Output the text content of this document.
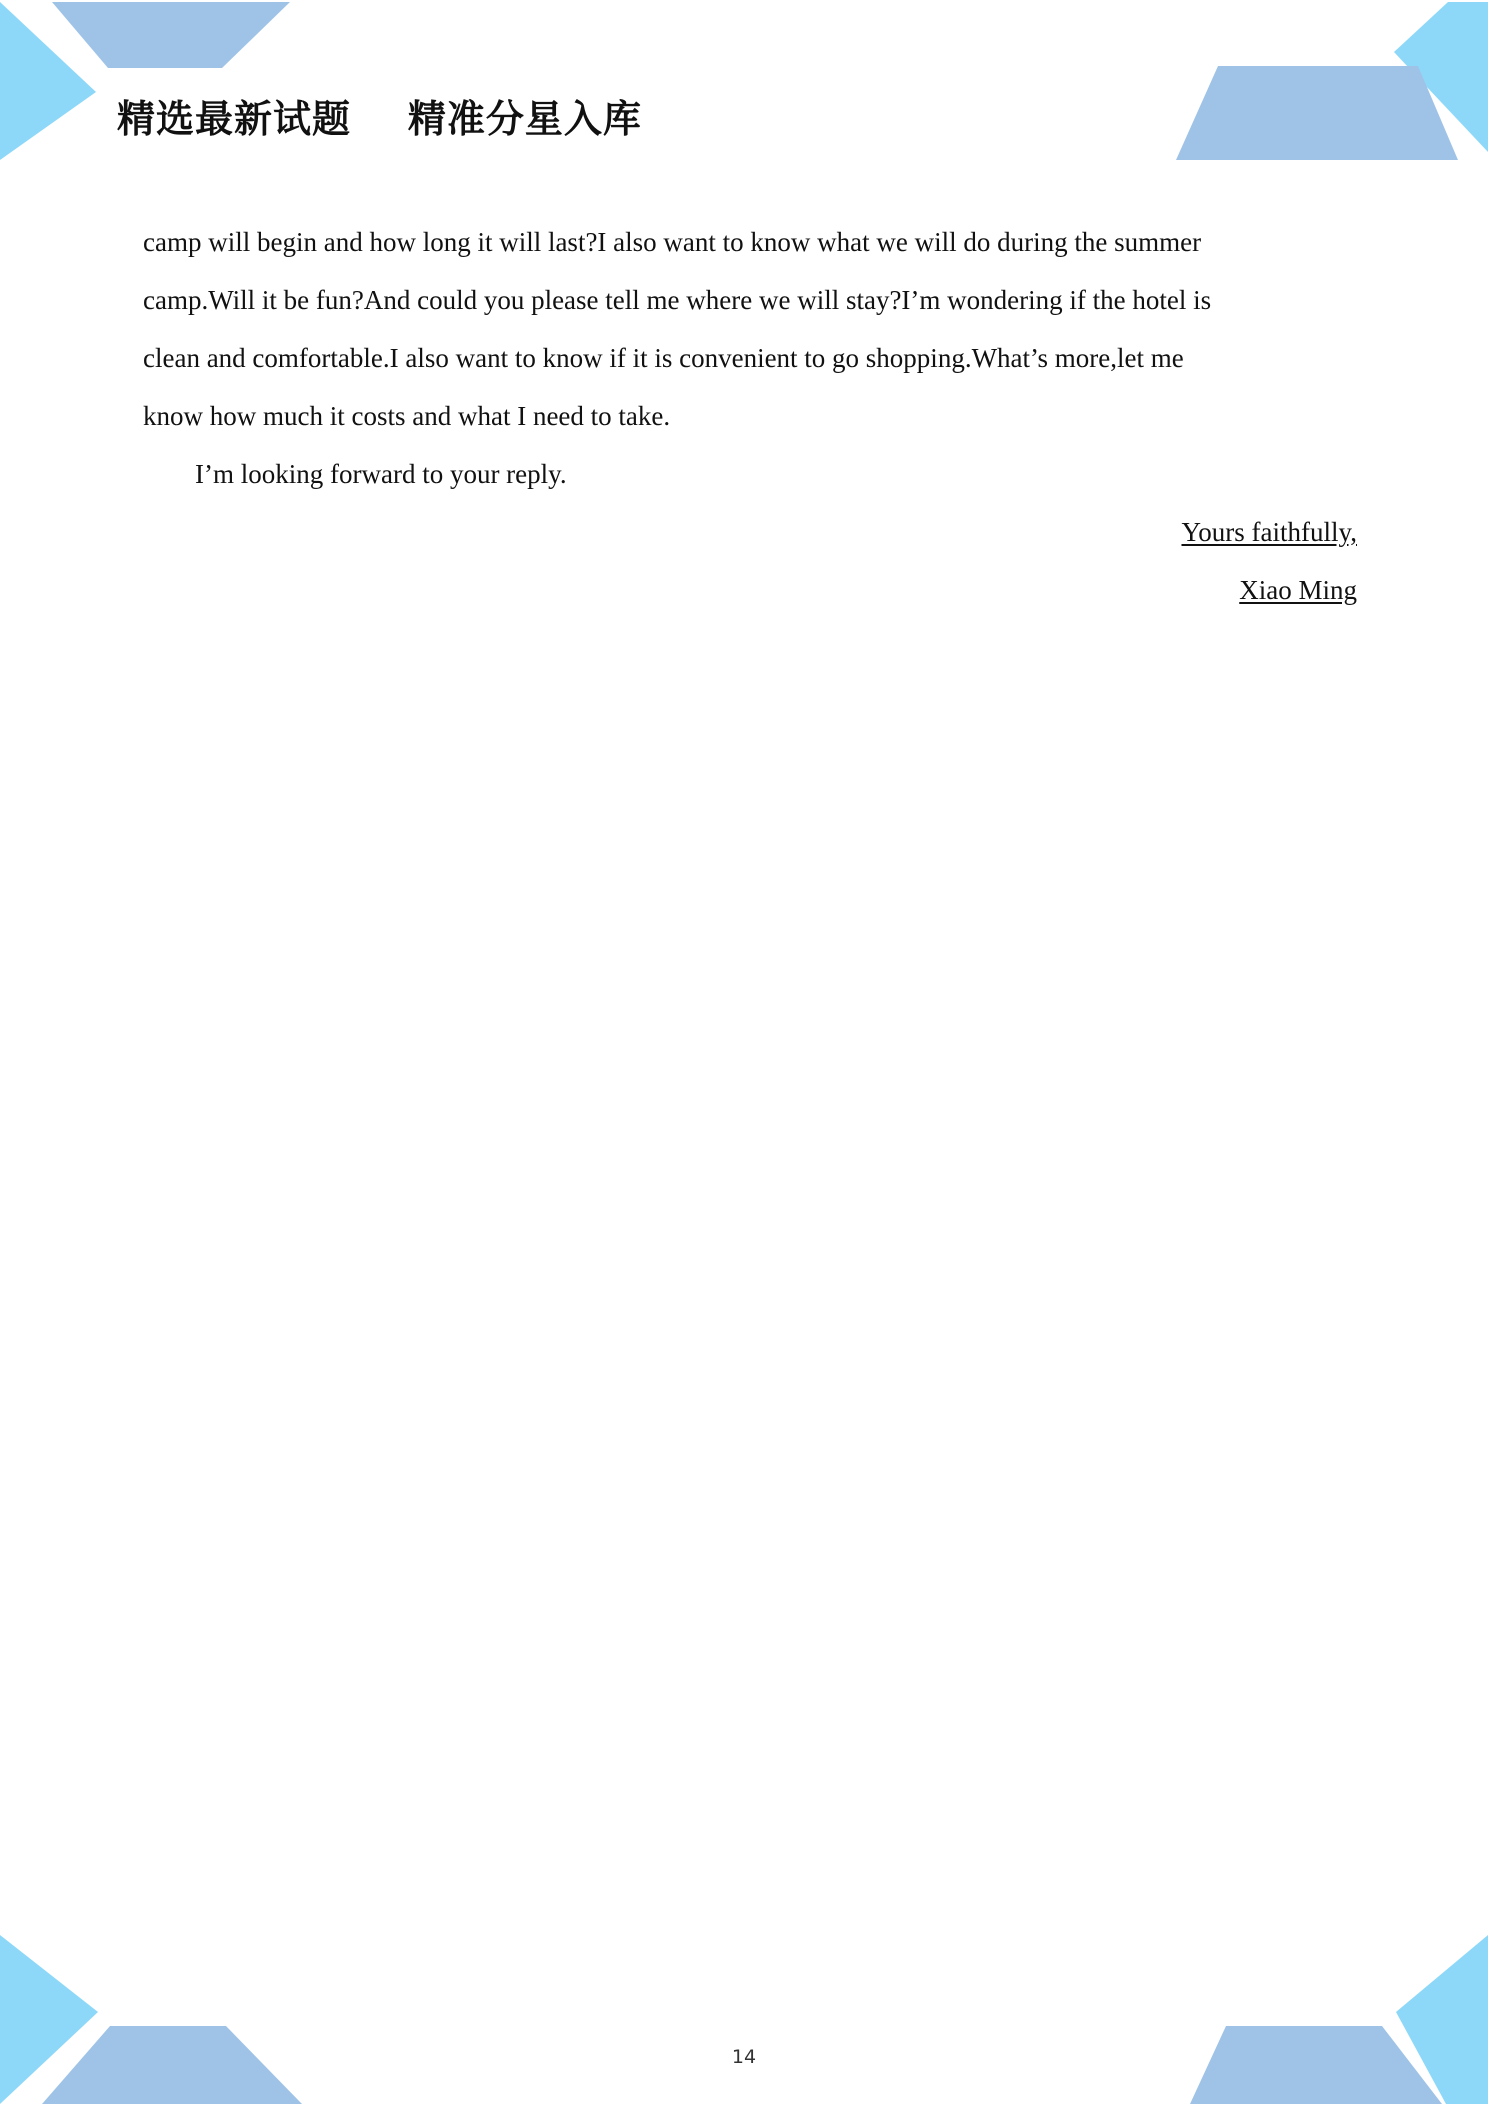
精选最新试题    精准分星入库
camp will begin and how long it will last?I also want to know what we will do during the summer
camp.Will it be fun?And could you please tell me where we will stay?I’m wondering if the hotel is
clean and comfortable.I also want to know if it is convenient to go shopping.What’s more,let me
know how much it costs and what I need to take.
I’m looking forward to your reply.
Yours faithfully,
Xiao Ming
14
